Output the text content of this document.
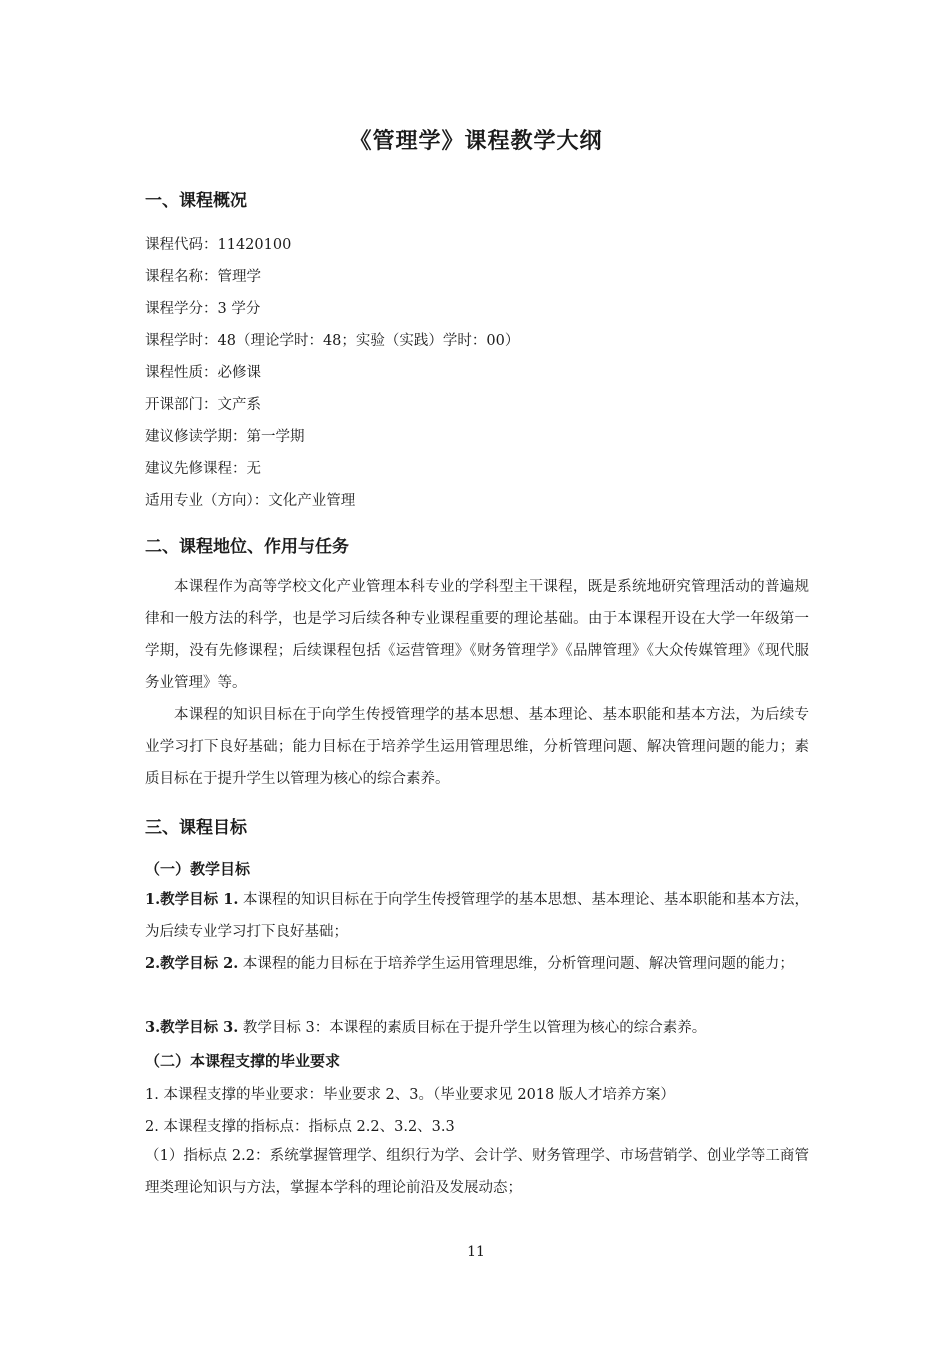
《管理学》课程教学大纲
一、课程概况
课程代码：11420100
课程名称：管理学
课程学分：3 学分
课程学时：48（理论学时：48；实验（实践）学时：00）
课程性质：必修课
开课部门：文产系
建议修读学期：第一学期
建议先修课程：无
适用专业（方向）：文化产业管理
二、课程地位、作用与任务

本课程作为高等学校文化产业管理本科专业的学科型主干课程，既是系统地研究管理活动的普遍规律和一般方法的科学，也是学习后续各种专业课程重要的理论基础。由于本课程开设在大学一年级第一学期，没有先修课程；后续课程包括《运营管理》《财务管理学》《品牌管理》《大众传媒管理》《现代服务业管理》等。

本课程的知识目标在于向学生传授管理学的基本思想、基本理论、基本职能和基本方法，为后续专业学习打下良好基础；能力目标在于培养学生运用管理思维，分析管理问题、解决管理问题的能力；素质目标在于提升学生以管理为核心的综合素养。

三、课程目标
（一）教学目标

1.教学目标 1. 本课程的知识目标在于向学生传授管理学的基本思想、基本理论、基本职能和基本方法，为后续专业学习打下良好基础；

2.教学目标 2. 本课程的能力目标在于培养学生运用管理思维，分析管理问题、解决管理问题的能力；

3.教学目标 3. 教学目标 3：本课程的素质目标在于提升学生以管理为核心的综合素养。

（二）本课程支撑的毕业要求
1. 本课程支撑的毕业要求：毕业要求 2、3。（毕业要求见 2018 版人才培养方案）
2. 本课程支撑的指标点：指标点 2.2、3.2、3.3

（1）指标点 2.2：系统掌握管理学、组织行为学、会计学、财务管理学、市场营销学、创业学等工商管理类理论知识与方法，掌握本学科的理论前沿及发展动态；

11
